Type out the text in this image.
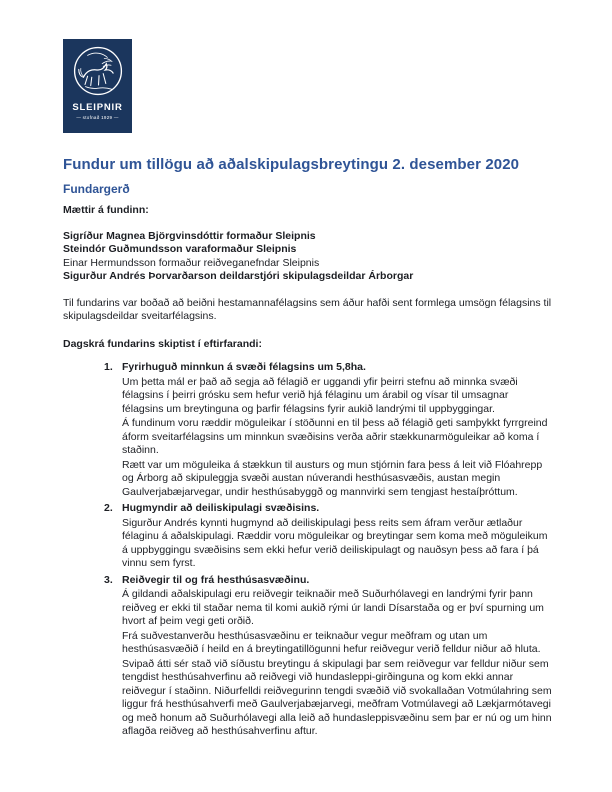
SLEIPNIR
— stofnað 1929 —
Fundur um tillögu að aðalskipulagsbreytingu 2. desember 2020
Fundargerð

Mættir á fundinn:

Sigríður Magnea Björgvinsdóttir formaður Sleipnis

Steindór Guðmundsson varaformaður Sleipnis

Einar Hermundsson formaður reiðveganefndar Sleipnis

Sigurður Andrés Þorvarðarson deildarstjóri skipulagsdeildar Árborgar

Til fundarins var boðað að beiðni hestamannafélagsins sem áður hafði sent formlega umsögn félagsins til skipulagsdeildar sveitarfélagsins.

Dagskrá fundarins skiptist í eftirfarandi:

1. Fyrirhuguð minnkun á svæði félagsins um 5,8ha.

Um þetta mál er það að segja að félagið er uggandi yfir þeirri stefnu að minnka svæði félagsins í þeirri grósku sem hefur verið hjá félaginu um árabil og vísar til umsagnar félagsins um breytinguna og þarfir félagsins fyrir aukið landrými til uppbyggingar.

Á fundinum voru ræddir möguleikar í stöðunni en til þess að félagið geti samþykkt fyrrgreind áform sveitarfélagsins um minnkun svæðisins verða aðrir stækkunarmöguleikar að koma í staðinn.

Rætt var um möguleika á stækkun til austurs og mun stjórnin fara þess á leit við Flóahrepp og Árborg að skipuleggja svæði austan núverandi hesthúsasvæðis, austan megin Gaulverjabæjarvegar, undir hesthúsabyggð og mannvirki sem tengjast hestaíþróttum.

2. Hugmyndir að deiliskipulagi svæðisins.

Sigurður Andrés kynnti hugmynd að deiliskipulagi þess reits sem áfram verður ætlaður félaginu á aðalskipulagi. Ræddir voru möguleikar og breytingar sem koma með möguleikum á uppbyggingu svæðisins sem ekki hefur verið deiliskipulagt og nauðsyn þess að fara í þá vinnu sem fyrst.

3. Reiðvegir til og frá hesthúsasvæðinu.

Á gildandi aðalskipulagi eru reiðvegir teiknaðir með Suðurhólavegi en landrými fyrir þann reiðveg er ekki til staðar nema til komi aukið rými úr landi Dísarstaða og er því spurning um hvort af þeim vegi geti orðið.

Frá suðvestanverðu hesthúsasvæðinu er teiknaður vegur meðfram og utan um hesthúsasvæðið í heild en á breytingatillögunni hefur reiðvegur verið felldur niður að hluta.

Svipað átti sér stað við síðustu breytingu á skipulagi þar sem reiðvegur var felldur niður sem tengdist hesthúsahverfinu að reiðvegi við hundasleppi-girðinguna og kom ekki annar reiðvegur í staðinn. Niðurfelldi reiðvegurinn tengdi svæðið við svokallaðan Votmúlahring sem liggur frá hesthúsahverfi með Gaulverjabæjarvegi, meðfram Votmúlavegi að Lækjarmótavegi og með honum að Suðurhólavegi alla leið að hundasleppisvæðinu sem þar er nú og um hinn aflagða reiðveg að hesthúsahverfinu aftur.
